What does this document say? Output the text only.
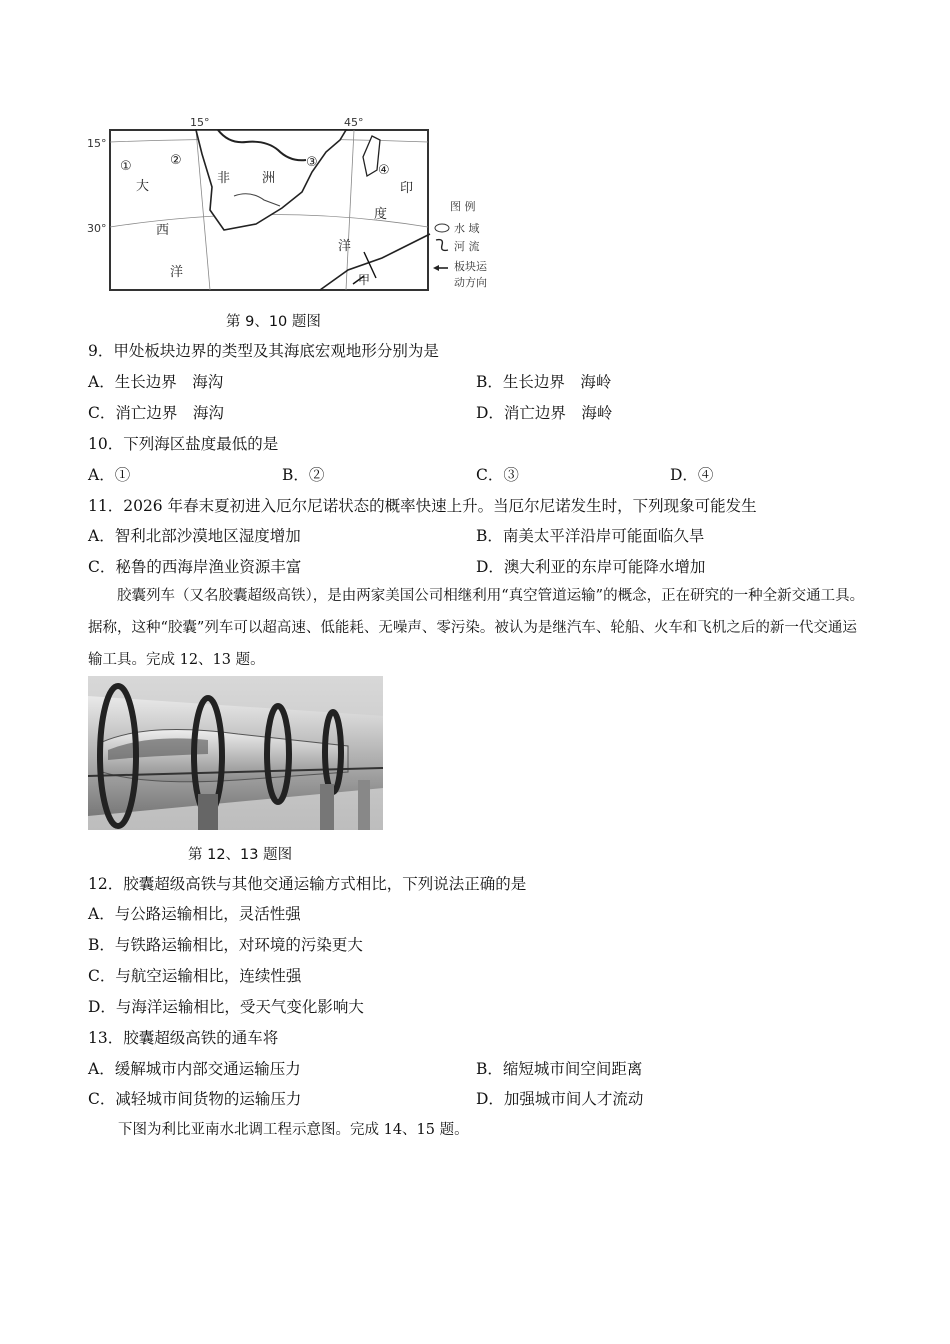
15°	45°
15°
30°
①	②	③
④
大
西
洋
非 洲
印
度
洋
甲
图 例
水 域
河 流
板块运
动方向
第 9、10 题图
9．甲处板块边界的类型及其海底宏观地形分别为是
A．生长边界　海沟	B．生长边界　海岭
C．消亡边界　海沟	D．消亡边界　海岭
10．下列海区盐度最低的是
A．①	B．②	C．③	D．④
11．2026 年春末夏初进入厄尔尼诺状态的概率快速上升。当厄尔尼诺发生时，下列现象可能发生
A．智利北部沙漠地区湿度增加	B．南美太平洋沿岸可能面临久旱
C．秘鲁的西海岸渔业资源丰富	D．澳大利亚的东岸可能降水增加
胶囊列车（又名胶囊超级高铁），是由两家美国公司相继利用“真空管道运输”的概念，正在研究的一种全新交通工具。据称，这种“胶囊”列车可以超高速、低能耗、无噪声、零污染。被认为是继汽车、轮船、火车和飞机之后的新一代交通运输工具。完成 12、13 题。
第 12、13 题图
12．胶囊超级高铁与其他交通运输方式相比，下列说法正确的是
A．与公路运输相比，灵活性强
B．与铁路运输相比，对环境的污染更大
C．与航空运输相比，连续性强
D．与海洋运输相比，受天气变化影响大
13．胶囊超级高铁的通车将
A．缓解城市内部交通运输压力	B．缩短城市间空间距离
C．减轻城市间货物的运输压力	D．加强城市间人才流动
下图为利比亚南水北调工程示意图。完成 14、15 题。
